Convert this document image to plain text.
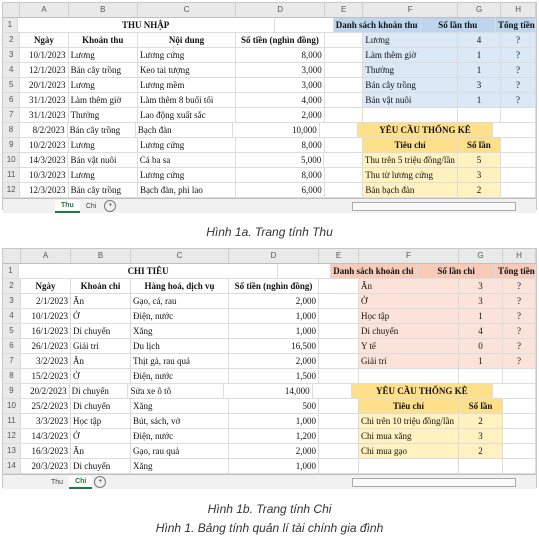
A	B	C	D	E	F	G	H
1	THU NHẬP	Danh sách khoản thu	Số lần thu	Tổng tiền
2	Ngày	Khoản thu	Nội dung	Số tiền (nghìn đồng)	Lương	4	?
3	10/1/2023 Lương	Lương cứng	8,000	Làm thêm giờ	1	?
4	12/1/2023 Bán cây trồng	Keo tai tượng	3,000	Thưởng	1	?
5	20/1/2023 Lương	Lương mềm	3,000	Bán cây trồng	3	?
6	31/1/2023 Làm thêm giờ	Làm thêm 8 buổi tối	4,000	Bán vật nuôi	1	?
7	31/1/2023 Thưởng	Lao động xuất sắc	2,000
8	8/2/2023 Bán cây trồng	Bạch đàn	10,000	YÊU CẦU THỐNG KÊ
9	10/2/2023 Lương	Lương cứng	8,000	Tiêu chí	Số lần
10	14/3/2023 Bán vật nuôi	Cá ba sa	5,000	Thu trên 5 triệu đồng/lần	5
11	10/3/2023 Lương	Lương cứng	8,000	Thu từ lương cứng	3
12	12/3/2023 Bán cây trồng	Bạch đàn, phi lao	6,000	Bán bạch đàn	2
Thu	Chi	+
Hình 1a. Trang tính Thu
A	B	C	D	E	F	G	H
1	CHI TIÊU	Danh sách khoản chi	Số lần chi	Tổng tiền
2	Ngày	Khoản chi	Hàng hoá, dịch vụ	Số tiền (nghìn đồng)	Ăn	3	?
3	2/1/2023 Ăn	Gạo, cá, rau	2,000	Ở	3	?
4	10/1/2023 Ở	Điện, nước	1,000	Học tập	1	?
5	16/1/2023 Di chuyển	Xăng	1,000	Di chuyển	4	?
6	26/1/2023 Giải trí	Du lịch	16,500	Y tế	0	?
7	3/2/2023 Ăn	Thịt gà, rau quả	2,000	Giải trí	1	?
8	15/2/2023 Ở	Điện, nước	1,500
9	20/2/2023 Di chuyển	Sửa xe ô tô	14,000	YÊU CẦU THỐNG KÊ
10	25/2/2023 Di chuyển	Xăng	500	Tiêu chí	Số lần
11	3/3/2023 Học tập	Bút, sách, vở	1,000	Chi trên 10 triệu đồng/lần	2
12	14/3/2023 Ở	Điện, nước	1,200	Chi mua xăng	3
13	16/3/2023 Ăn	Gạo, rau quả	2,000	Chi mua gạo	2
14	20/3/2023 Di chuyển	Xăng	1,000
Thu	Chi	+
Hình 1b. Trang tính Chi
Hình 1. Bảng tính quản lí tài chính gia đình
